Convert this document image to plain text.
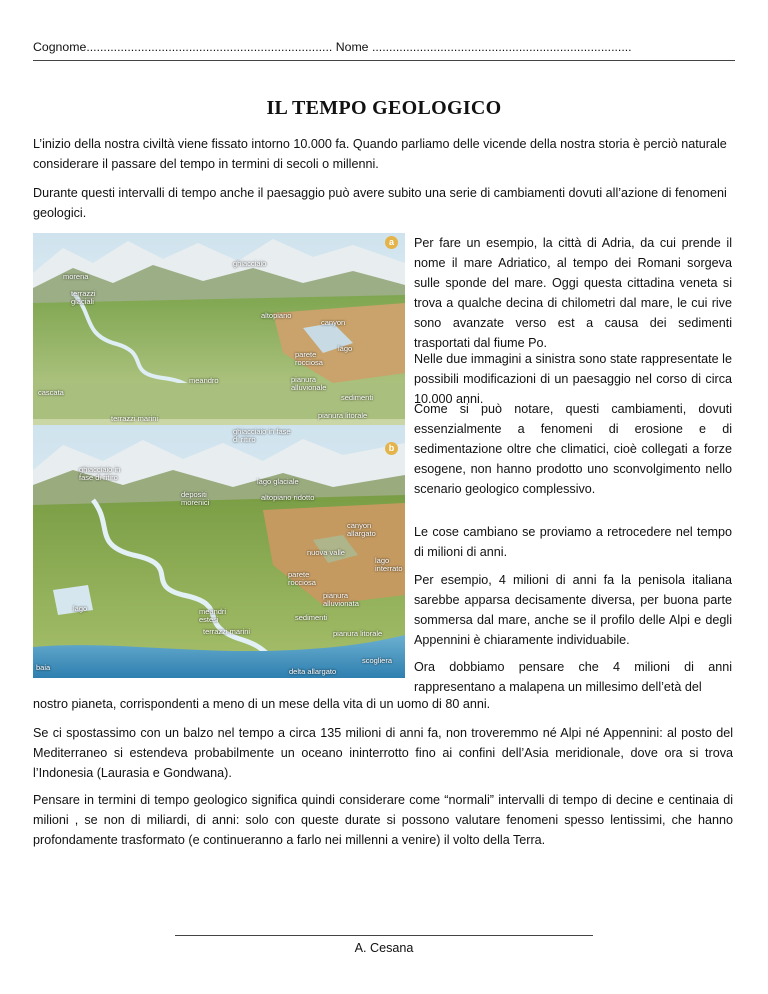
Cognome........................................................................ Nome ............................................................................
IL TEMPO GEOLOGICO

L’inizio della nostra civiltà viene fissato intorno 10.000 fa. Quando parliamo delle vicende della nostra storia è perciò naturale considerare il passare del tempo in termini di secoli o millenni.

Durante questi intervalli di tempo anche il paesaggio può avere subito una serie di cambiamenti dovuti all’azione di fenomeni geologici.

a
ghiacciaio
morena
terrazzi glaciali
altopiano
canyon
lago
parete rocciosa
meandro	pianura alluvionale
cascata
sedimenti
pianura litorale
terrazzi marini
b
ghiacciaio in fase di ritiro
ghiacciaio in fase di ritiro
depositi morenici
lago glaciale
altopiano ridotto
canyon allargato
nuova valle
lago interrato
parete rocciosa
pianura alluvionata
lago	meandri estesi	sedimenti
terrazzi marini	pianura litorale
scogliera
baia	delta allargato

Per fare un esempio, la città di Adria, da cui prende il nome il mare Adriatico, al tempo dei Romani sorgeva sulle sponde del mare. Oggi questa cittadina veneta si trova a qualche decina di chilometri dal mare, le cui rive sono avanzate verso est a causa dei sedimenti trasportati dal fiume Po.

Nelle due immagini a sinistra sono state rappresentate le possibili modificazioni di un paesaggio nel corso di circa 10.000 anni.

Come si può notare, questi cambiamenti, dovuti essenzialmente a fenomeni di erosione e di sedimentazione oltre che climatici, cioè collegati a forze esogene, non hanno prodotto uno sconvolgimento nello scenario geologico complessivo.

Le cose cambiano se proviamo a retrocedere nel tempo di milioni di anni.

Per esempio, 4 milioni di anni fa la penisola italiana sarebbe apparsa decisamente diversa, per buona parte sommersa dal mare, anche se il profilo delle Alpi e degli Appennini è chiaramente individuabile.

Ora dobbiamo pensare che 4 milioni di anni rappresentano a malapena un millesimo dell’età del

nostro pianeta, corrispondenti a meno di un mese della vita di un uomo di 80 anni.

Se ci spostassimo con un balzo nel tempo a circa 135 milioni di anni fa, non troveremmo né Alpi né Appennini: al posto del Mediterraneo si estendeva probabilmente un oceano ininterrotto fino ai confini dell’Asia meridionale, dove ora si trova l’Indonesia (Laurasia e Gondwana).

Pensare in termini di tempo geologico significa quindi considerare come “normali” intervalli di tempo di decine e centinaia di milioni , se non di miliardi, di anni: solo con queste durate si possono valutare fenomeni spesso lentissimi, che hanno profondamente trasformato (e continueranno a farlo nei millenni a venire) il volto della Terra.

A. Cesana
